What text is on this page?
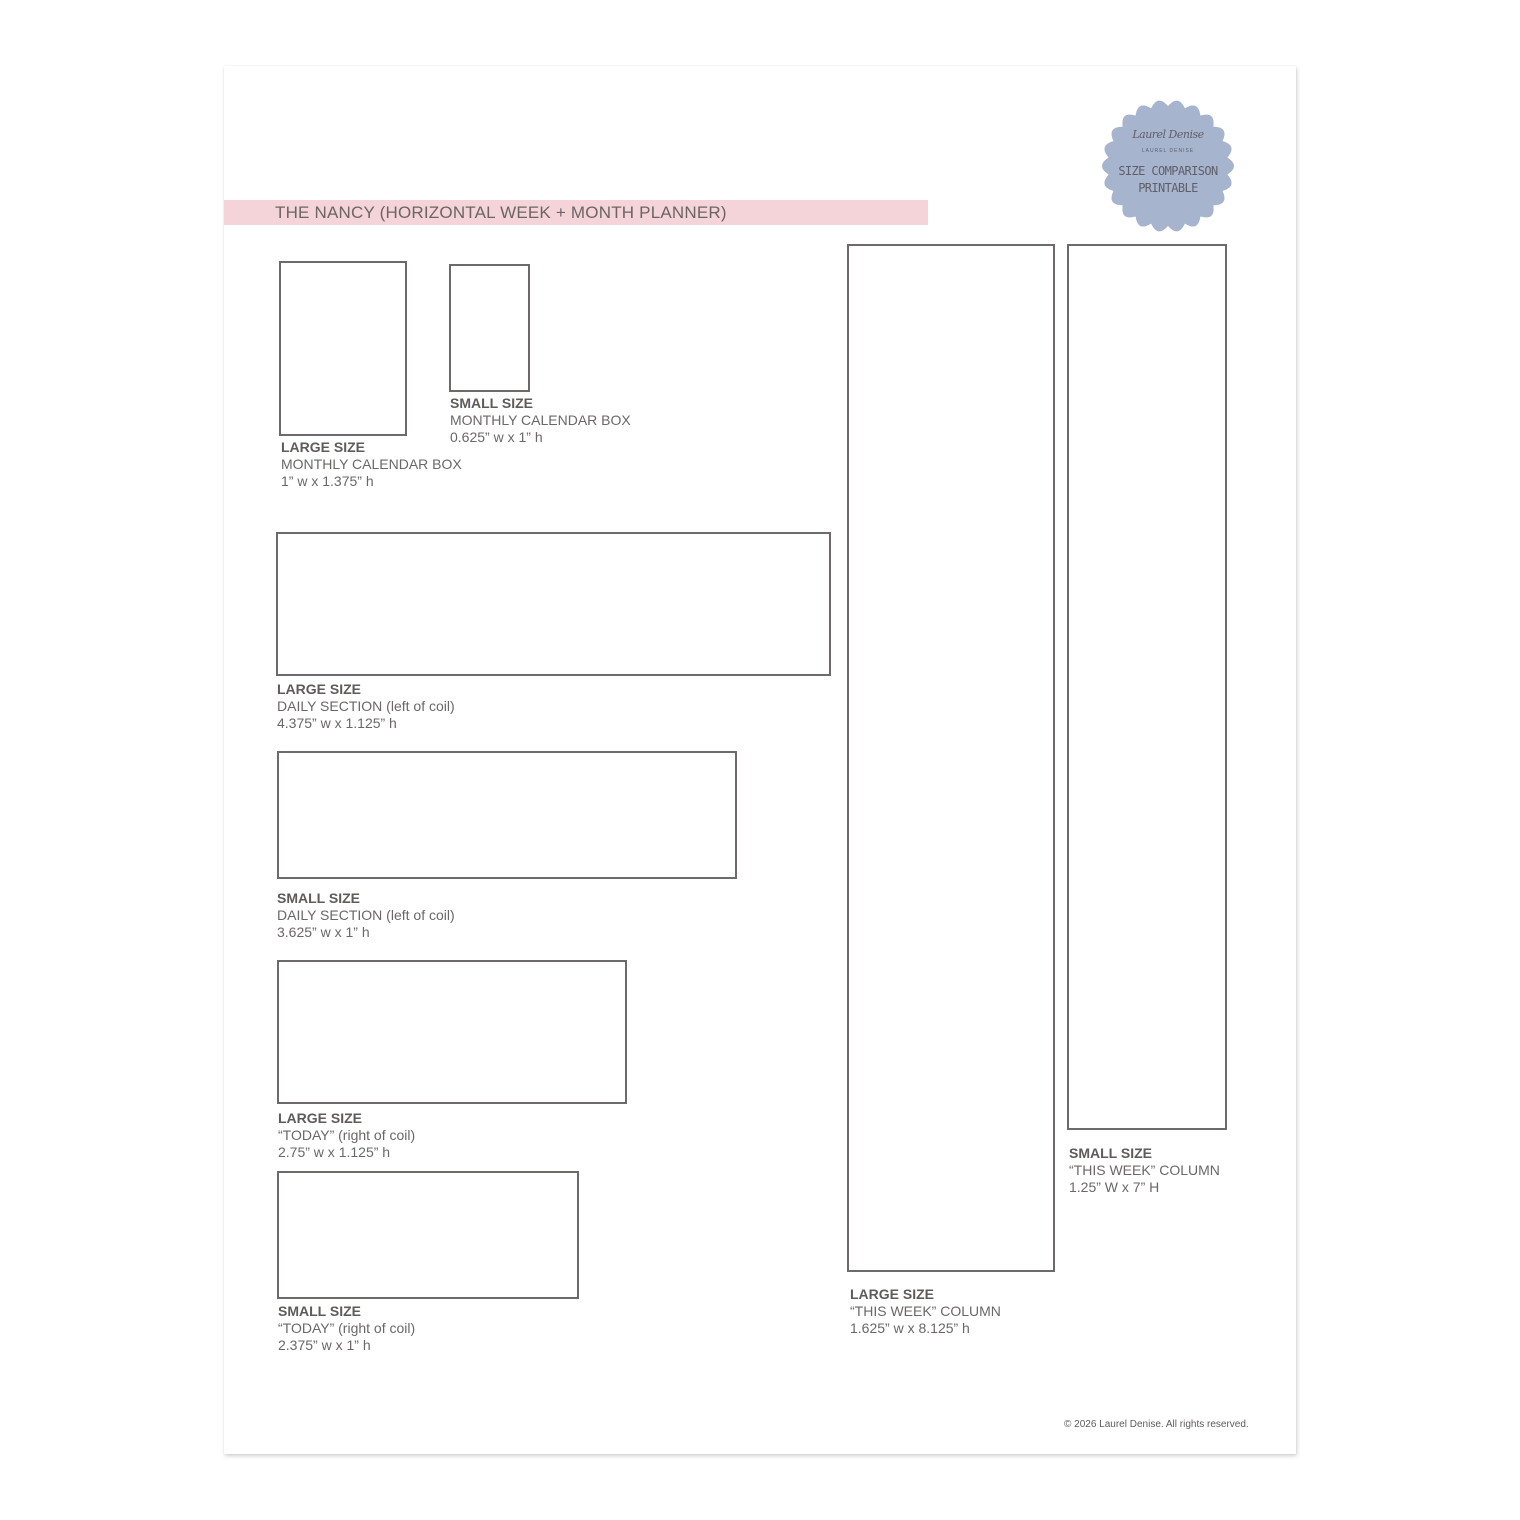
THE NANCY (HORIZONTAL WEEK + MONTH PLANNER)
Laurel Denise
LAUREL DENISE
SIZE COMPARISON
PRINTABLE
LARGE SIZE
MONTHLY CALENDAR BOX
1” w x 1.375” h
SMALL SIZE
MONTHLY CALENDAR BOX
0.625” w x 1” h
LARGE SIZE
DAILY SECTION (left of coil)
4.375” w x 1.125” h
SMALL SIZE
DAILY SECTION (left of coil)
3.625” w x 1” h
LARGE SIZE
“TODAY” (right of coil)
2.75” w x 1.125” h
SMALL SIZE
“TODAY” (right of coil)
2.375” w x 1” h
LARGE SIZE
“THIS WEEK” COLUMN
1.625” w x 8.125” h
SMALL SIZE
“THIS WEEK” COLUMN
1.25” W x 7” H
© 2026 Laurel Denise. All rights reserved.
